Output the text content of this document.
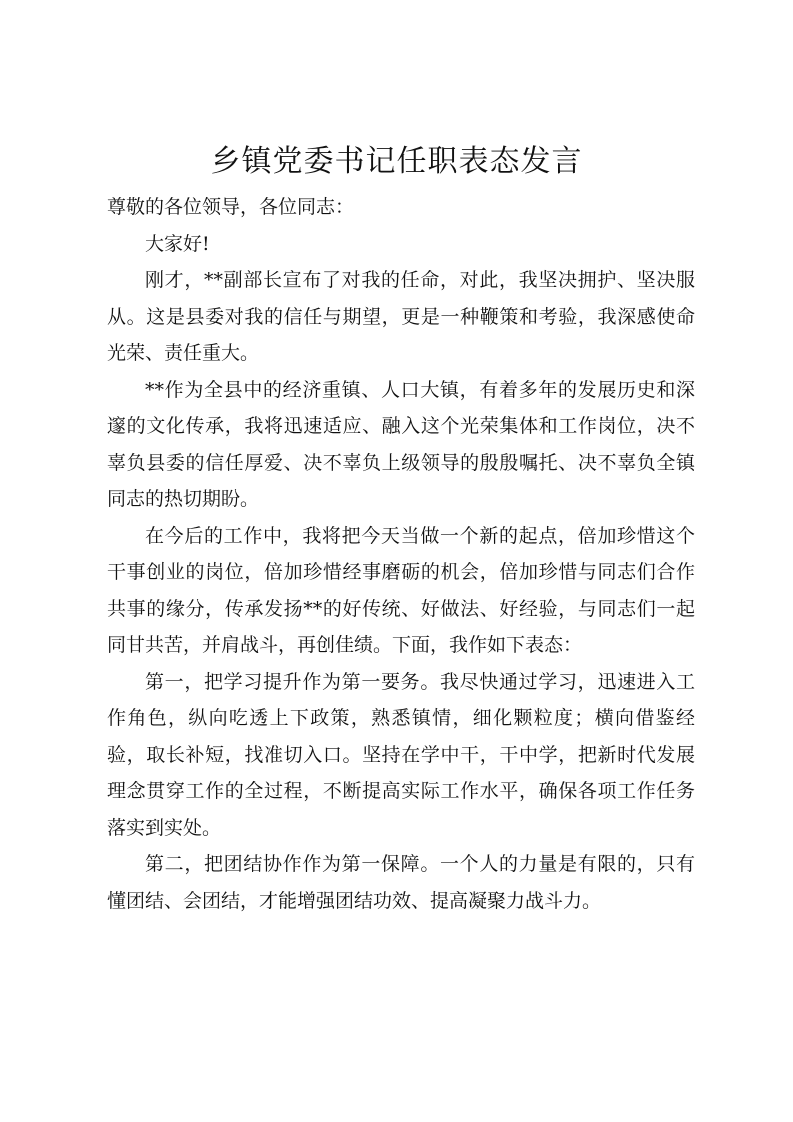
乡镇党委书记任职表态发言

尊敬的各位领导，各位同志：

大家好!

刚才，**副部长宣布了对我的任命，对此，我坚决拥护、坚决服从。这是县委对我的信任与期望，更是一种鞭策和考验，我深感使命光荣、责任重大。

**作为全县中的经济重镇、人口大镇，有着多年的发展历史和深邃的文化传承，我将迅速适应、融入这个光荣集体和工作岗位，决不辜负县委的信任厚爱、决不辜负上级领导的殷殷嘱托、决不辜负全镇同志的热切期盼。

在今后的工作中，我将把今天当做一个新的起点，倍加珍惜这个干事创业的岗位，倍加珍惜经事磨砺的机会，倍加珍惜与同志们合作共事的缘分，传承发扬**的好传统、好做法、好经验，与同志们一起同甘共苦，并肩战斗，再创佳绩。下面，我作如下表态：

第一，把学习提升作为第一要务。我尽快通过学习，迅速进入工作角色，纵向吃透上下政策，熟悉镇情，细化颗粒度；横向借鉴经验，取长补短，找准切入口。坚持在学中干，干中学，把新时代发展理念贯穿工作的全过程，不断提高实际工作水平，确保各项工作任务落实到实处。

第二，把团结协作作为第一保障。一个人的力量是有限的，只有懂团结、会团结，才能增强团结功效、提高凝聚力战斗力。
